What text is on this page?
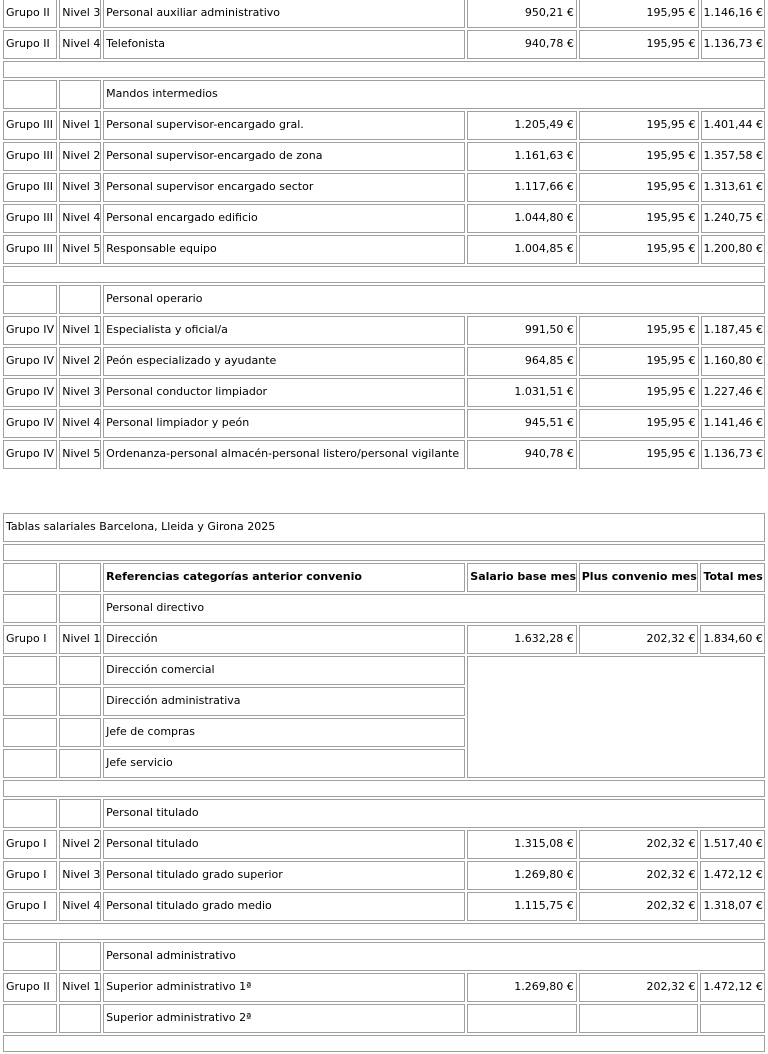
Grupo II	Nivel 3	Personal auxiliar administrativo	950,21 €	195,95 €	1.146,16 €
Grupo II	Nivel 4	Telefonista	940,78 €	195,95 €	1.136,73 €

		Mandos intermedios			
Grupo III	Nivel 1	Personal supervisor-encargado gral.	1.205,49 €	195,95 €	1.401,44 €
Grupo III	Nivel 2	Personal supervisor-encargado de zona	1.161,63 €	195,95 €	1.357,58 €
Grupo III	Nivel 3	Personal supervisor encargado sector	1.117,66 €	195,95 €	1.313,61 €
Grupo III	Nivel 4	Personal encargado edificio	1.044,80 €	195,95 €	1.240,75 €
Grupo III	Nivel 5	Responsable equipo	1.004,85 €	195,95 €	1.200,80 €

		Personal operario			
Grupo IV	Nivel 1	Especialista y oficial/a	991,50 €	195,95 €	1.187,45 €
Grupo IV	Nivel 2	Peón especializado y ayudante	964,85 €	195,95 €	1.160,80 €
Grupo IV	Nivel 3	Personal conductor limpiador	1.031,51 €	195,95 €	1.227,46 €
Grupo IV	Nivel 4	Personal limpiador y peón	945,51 €	195,95 €	1.141,46 €
Grupo IV	Nivel 5	Ordenanza-personal almacén-personal listero/personal vigilante	940,78 €	195,95 €	1.136,73 €
Tablas salariales Barcelona, Lleida y Girona 2025					

		Referencias categorías anterior convenio	Salario base mes	Plus convenio mes	Total mes
		Personal directivo			
Grupo I	Nivel 1	Dirección	1.632,28 €	202,32 €	1.834,60 €
		Dirección comercial			
		Dirección administrativa			
		Jefe de compras			
		Jefe servicio			

		Personal titulado			
Grupo I	Nivel 2	Personal titulado	1.315,08 €	202,32 €	1.517,40 €
Grupo I	Nivel 3	Personal titulado grado superior	1.269,80 €	202,32 €	1.472,12 €
Grupo I	Nivel 4	Personal titulado grado medio	1.115,75 €	202,32 €	1.318,07 €

		Personal administrativo			
Grupo II	Nivel 1	Superior administrativo 1ª	1.269,80 €	202,32 €	1.472,12 €
		Superior administrativo 2ª			
